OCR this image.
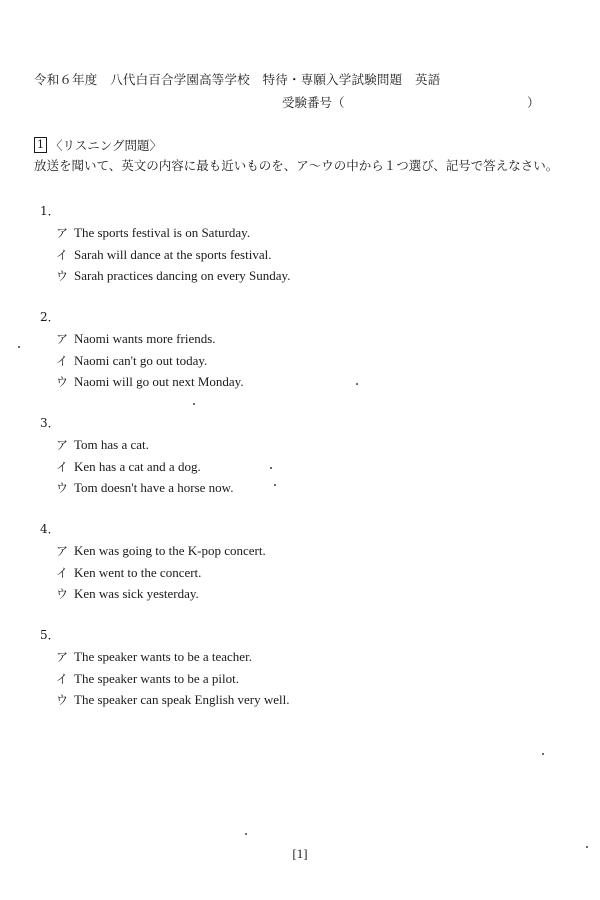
令和６年度　八代白百合学園高等学校　特待・専願入学試験問題　英語
受験番号（	）
1 〈リスニング問題〉
放送を聞いて、英文の内容に最も近いものを、ア〜ウの中から１つ選び、記号で答えなさい。
1．
ア The sports festival is on Saturday.
イ Sarah will dance at the sports festival.
ウ Sarah practices dancing on every Sunday.
2．
ア Naomi wants more friends.
イ Naomi can't go out today.
ウ Naomi will go out next Monday.
3．
ア Tom has a cat.
イ Ken has a cat and a dog.
ウ Tom doesn't have a horse now.
4．
ア Ken was going to the K-pop concert.
イ Ken went to the concert.
ウ Ken was sick yesterday.
5．
ア The speaker wants to be a teacher.
イ The speaker wants to be a pilot.
ウ The speaker can speak English very well.
[1]
